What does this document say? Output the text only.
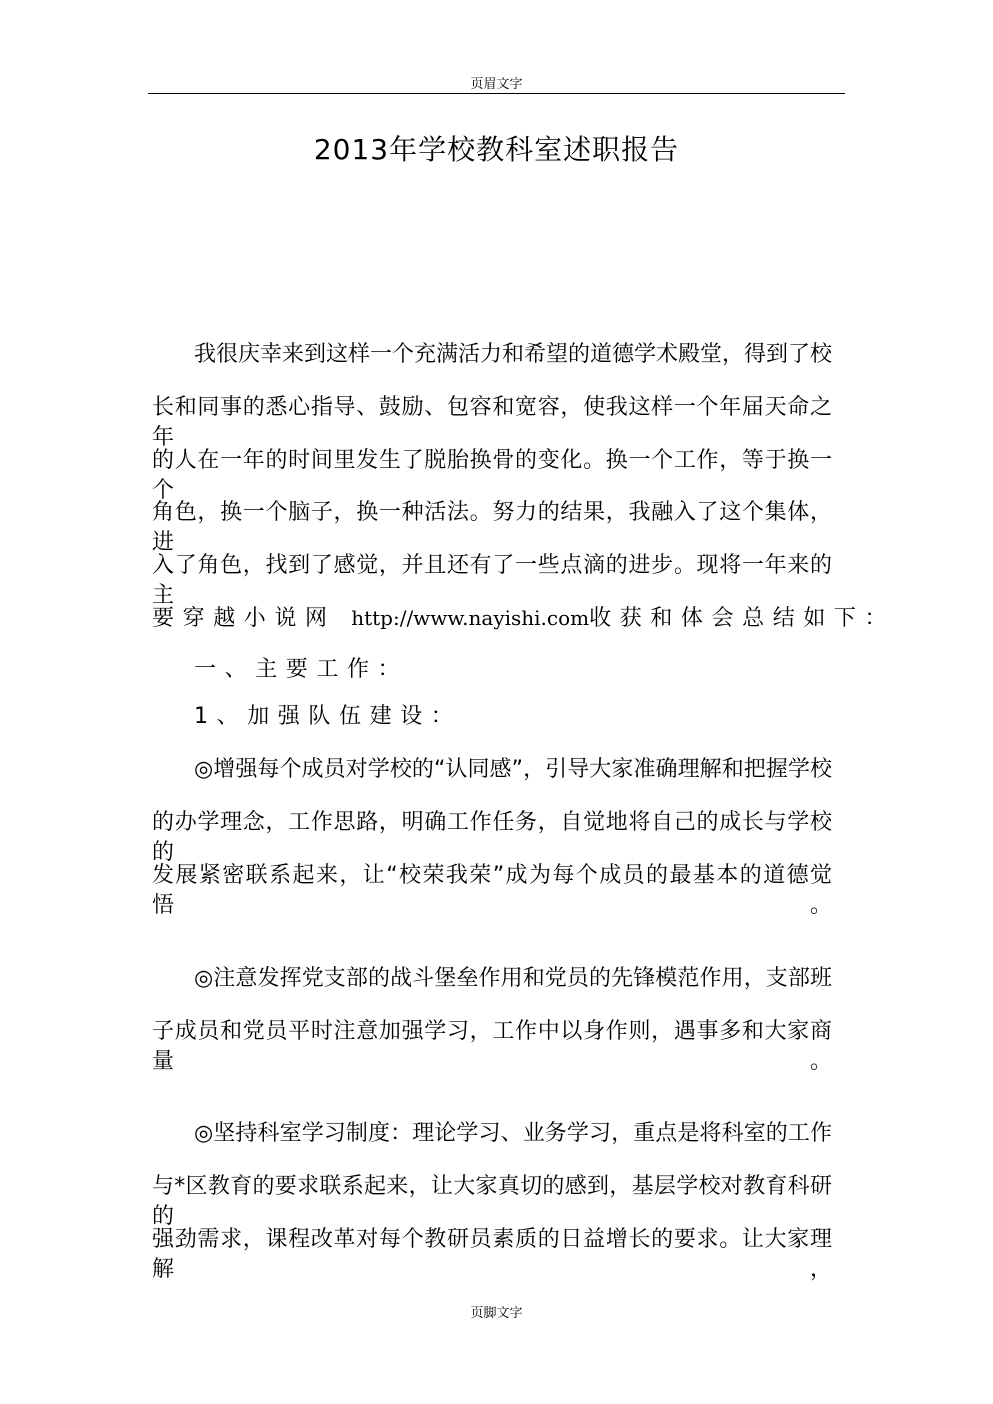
页眉文字
2013年学校教科室述职报告
我很庆幸来到这样一个充满活力和希望的道德学术殿堂，得到了校
长和同事的悉心指导、鼓励、包容和宽容，使我这样一个年届天命之年
的人在一年的时间里发生了脱胎换骨的变化。换一个工作，等于换一个
角色，换一个脑子，换一种活法。努力的结果，我融入了这个集体，进
入了角色，找到了感觉，并且还有了一些点滴的进步。现将一年来的主
要穿越小说网 http://www.nayishi.com收获和体会总结如下：
一、主要工作：
1、加强队伍建设：
◎增强每个成员对学校的“认同感”，引导大家准确理解和把握学校
的办学理念，工作思路，明确工作任务，自觉地将自己的成长与学校的
发展紧密联系起来，让“校荣我荣”成为每个成员的最基本的道德觉悟。
◎注意发挥党支部的战斗堡垒作用和党员的先锋模范作用，支部班
子成员和党员平时注意加强学习，工作中以身作则，遇事多和大家商量。
◎坚持科室学习制度：理论学习、业务学习，重点是将科室的工作
与*区教育的要求联系起来，让大家真切的感到，基层学校对教育科研的
强劲需求，课程改革对每个教研员素质的日益增长的要求。让大家理解，
页脚文字
